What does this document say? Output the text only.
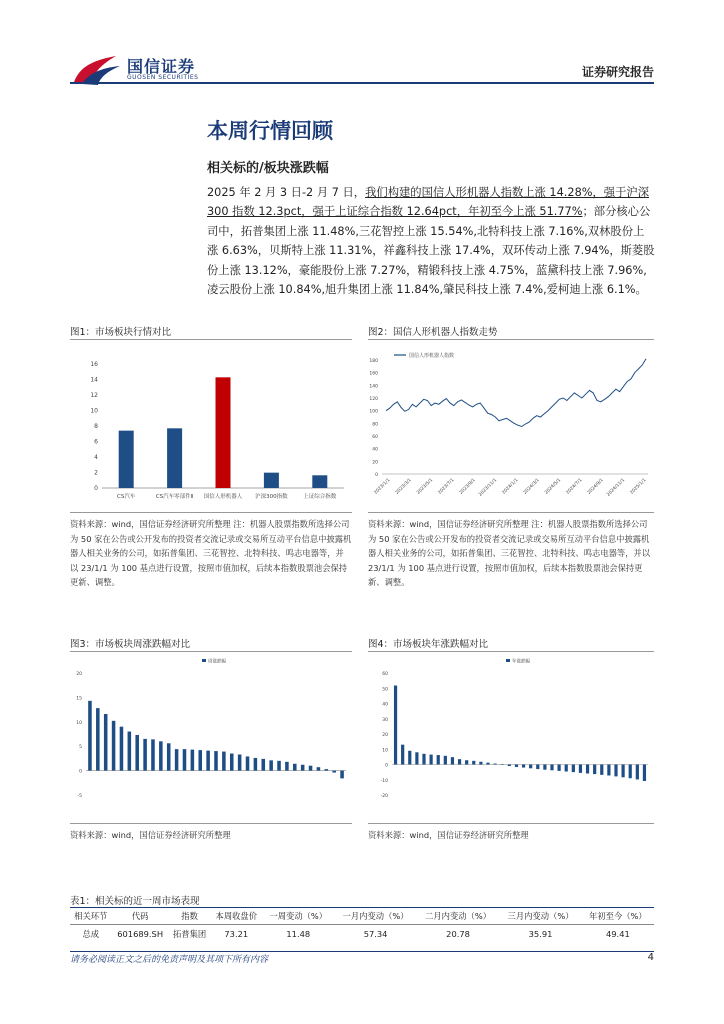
国信证券
GUOSEN SECURITIES	证券研究报告
本周行情回顾
相关标的/板块涨跌幅
2025 年 2 月 3 日-2 月 7 日，我们构建的国信人形机器人指数上涨 14.28%，强于沪深 300 指数 12.3pct，强于上证综合指数 12.64pct，年初至今上涨 51.77%；部分核心公司中，拓普集团上涨 11.48%,三花智控上涨 15.54%,北特科技上涨 7.16%,双林股份上涨 6.63%，贝斯特上涨 11.31%，祥鑫科技上涨 17.4%，双环传动上涨 7.94%，斯菱股份上涨 13.12%，豪能股份上涨 7.27%，精锻科技上涨 4.75%，蓝黛科技上涨 7.96%,凌云股份上涨 10.84%,旭升集团上涨 11.84%,肇民科技上涨 7.4%,爱柯迪上涨 6.1%。
图1：市场板块行情对比
0
2
4
6
8
10
12
14
16
CS汽车	CS汽车零部件Ⅱ 国信人形机器人 沪深300指数	上证综合指数
资料来源：wind，国信证券经济研究所整理 注：机器人股票指数所选择公司为 50 家在公告或公开发布的投资者交流记录或交易所互动平台信息中披露机器人相关业务的公司，如拓普集团、三花智控、北特科技、鸣志电器等，并以 23/1/1 为 100 基点进行设置，按照市值加权，后续本指数股票池会保持更新、调整。
图2：国信人形机器人指数走势
0
20
40
60
80
100
120
140
160
180
国信人形机器人指数
2023/1/1 2023/3/1 2023/5/1 2023/7/1 2023/9/1 2023/11/1 2024/1/1 2024/3/1 2024/5/1 2024/7/1 2024/9/1 2024/11/1 2025/1/1
资料来源：wind，国信证券经济研究所整理 注：机器人股票指数所选择公司为 50 家在公告或公开发布的投资者交流记录或交易所互动平台信息中披露机器人相关业务的公司，如拓普集团、三花智控、北特科技、鸣志电器等，并以 23/1/1 为 100 基点进行设置，按照市值加权，后续本指数股票池会保持更新、调整。
图3：市场板块周涨跌幅对比
-5
0
5
10
15
20
周涨跌幅
资料来源：wind，国信证券经济研究所整理
图4：市场板块年涨跌幅对比
-20
-10
0
10
20
30
40
50
60
年涨跌幅
资料来源：wind，国信证券经济研究所整理
表1：相关标的近一周市场表现
相关环节	代码	指数	本周收盘价	一周变动（%）	一月内变动（%）	二月内变动（%）	三月内变动（%）	年初至今（%）
总成	601689.SH	拓普集团	73.21	11.48	57.34	20.78	35.91	49.41
请务必阅读正文之后的免责声明及其项下所有内容	4
